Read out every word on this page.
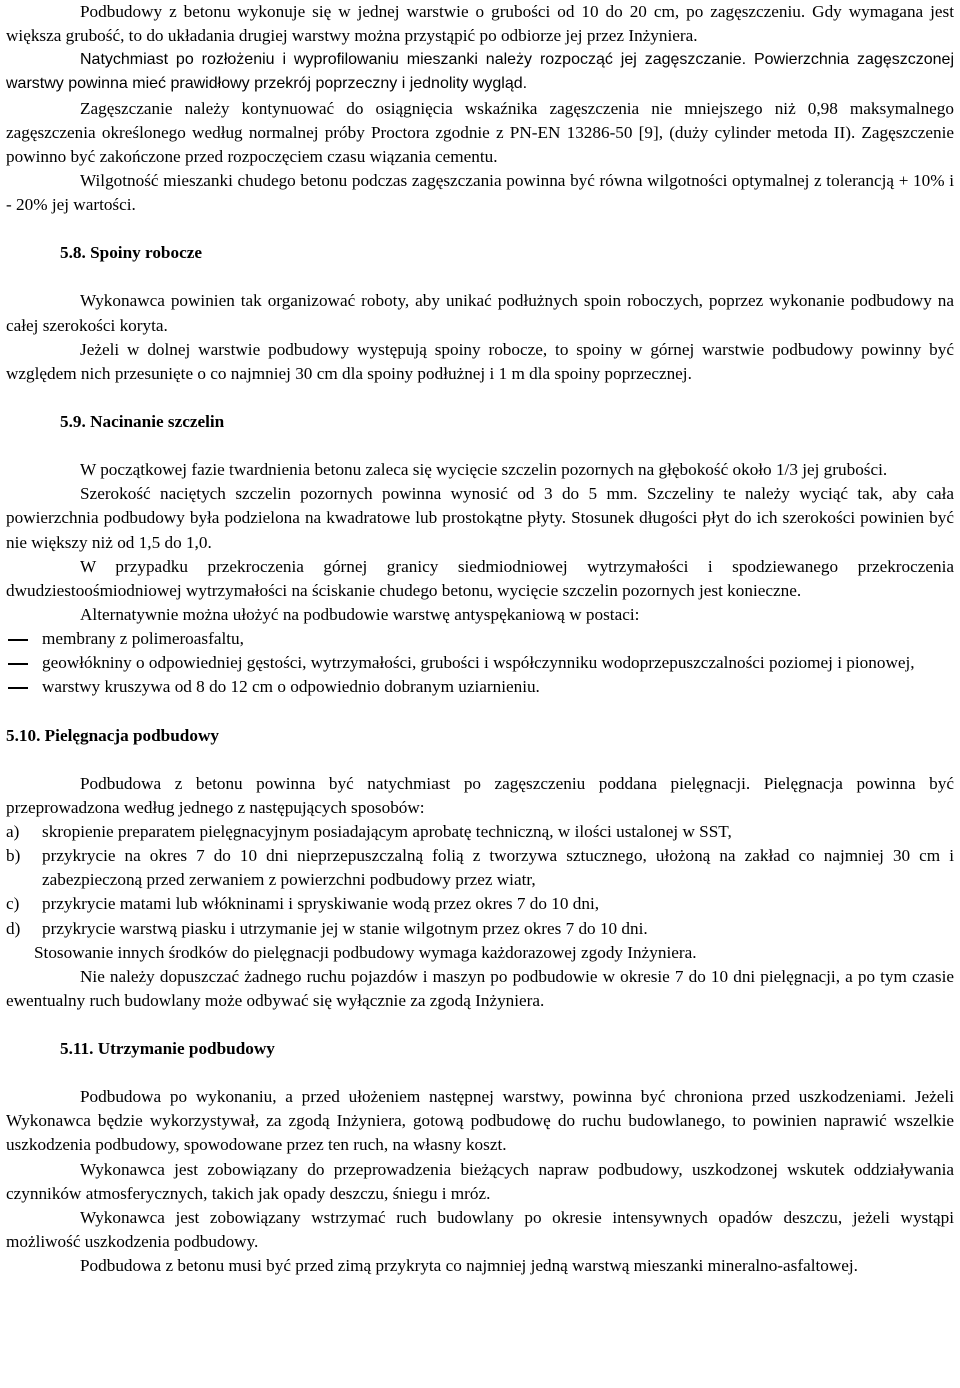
Podbudowy z betonu wykonuje się w jednej warstwie o grubości od 10 do 20 cm, po zagęszczeniu. Gdy wymagana jest większa grubość, to do układania drugiej warstwy można przystąpić po odbiorze jej przez Inżyniera.

Natychmiast po rozłożeniu i wyprofilowaniu mieszanki należy rozpocząć jej zagęszczanie. Powierzchnia zagęszczonej warstwy powinna mieć prawidłowy przekrój poprzeczny i jednolity wygląd.

Zagęszczanie należy kontynuować do osiągnięcia wskaźnika zagęszczenia nie mniejszego niż 0,98 maksymalnego zagęszczenia określonego według normalnej próby Proctora zgodnie z PN-EN 13286-50 [9], (duży cylinder metoda II). Zagęszczenie powinno być zakończone przed rozpoczęciem czasu wiązania cementu.

Wilgotność mieszanki chudego betonu podczas zagęszczania powinna być równa wilgotności optymalnej z tolerancją + 10% i - 20% jej wartości.

5.8. Spoiny robocze

Wykonawca powinien tak organizować roboty, aby unikać podłużnych spoin roboczych, poprzez wykonanie podbudowy na całej szerokości koryta.

Jeżeli w dolnej warstwie podbudowy występują spoiny robocze, to spoiny w górnej warstwie podbudowy powinny być względem nich przesunięte o co najmniej 30 cm dla spoiny podłużnej i 1 m dla spoiny poprzecznej.

5.9. Nacinanie szczelin

W początkowej fazie twardnienia betonu zaleca się wycięcie szczelin pozornych na głębokość około 1/3 jej grubości.

Szerokość naciętych szczelin pozornych powinna wynosić od 3 do 5 mm. Szczeliny te należy wyciąć tak, aby cała powierzchnia podbudowy była podzielona na kwadratowe lub prostokątne płyty. Stosunek długości płyt do ich szerokości powinien być nie większy niż od 1,5 do 1,0.

W przypadku przekroczenia górnej granicy siedmiodniowej wytrzymałości i spodziewanego przekroczenia dwudziestoośmiodniowej wytrzymałości na ściskanie chudego betonu, wycięcie szczelin pozornych jest konieczne.

Alternatywnie można ułożyć na podbudowie warstwę antyspękaniową w postaci:

membrany z polimeroasfaltu,

geowłókniny o odpowiedniej gęstości, wytrzymałości, grubości i współczynniku wodoprzepuszczalności poziomej i pionowej,

warstwy kruszywa od 8 do 12 cm o odpowiednio dobranym uziarnieniu.

5.10. Pielęgnacja podbudowy

Podbudowa z betonu powinna być natychmiast po zagęszczeniu poddana pielęgnacji. Pielęgnacja powinna być przeprowadzona według jednego z następujących sposobów:

a) skropienie preparatem pielęgnacyjnym posiadającym aprobatę techniczną, w ilości ustalonej w SST,

b) przykrycie na okres 7 do 10 dni nieprzepuszczalną folią z tworzywa sztucznego, ułożoną na zakład co najmniej 30 cm i zabezpieczoną przed zerwaniem z powierzchni podbudowy przez wiatr,

c) przykrycie matami lub włókninami i spryskiwanie wodą przez okres 7 do 10 dni,

d) przykrycie warstwą piasku i utrzymanie jej w stanie wilgotnym przez okres 7 do 10 dni.

Stosowanie innych środków do pielęgnacji podbudowy wymaga każdorazowej zgody Inżyniera.

Nie należy dopuszczać żadnego ruchu pojazdów i maszyn po podbudowie w okresie 7 do 10 dni pielęgnacji, a po tym czasie ewentualny ruch budowlany może odbywać się wyłącznie za zgodą Inżyniera.

5.11. Utrzymanie podbudowy

Podbudowa po wykonaniu, a przed ułożeniem następnej warstwy, powinna być chroniona przed uszkodzeniami. Jeżeli Wykonawca będzie wykorzystywał, za zgodą Inżyniera, gotową podbudowę do ruchu budowlanego, to powinien naprawić wszelkie uszkodzenia podbudowy, spowodowane przez ten ruch, na własny koszt.

Wykonawca jest zobowiązany do przeprowadzenia bieżących napraw podbudowy, uszkodzonej wskutek oddziaływania czynników atmosferycznych, takich jak opady deszczu, śniegu i mróz.

Wykonawca jest zobowiązany wstrzymać ruch budowlany po okresie intensywnych opadów deszczu, jeżeli wystąpi możliwość uszkodzenia podbudowy.

Podbudowa z betonu musi być przed zimą przykryta co najmniej jedną warstwą mieszanki mineralno-asfaltowej.
